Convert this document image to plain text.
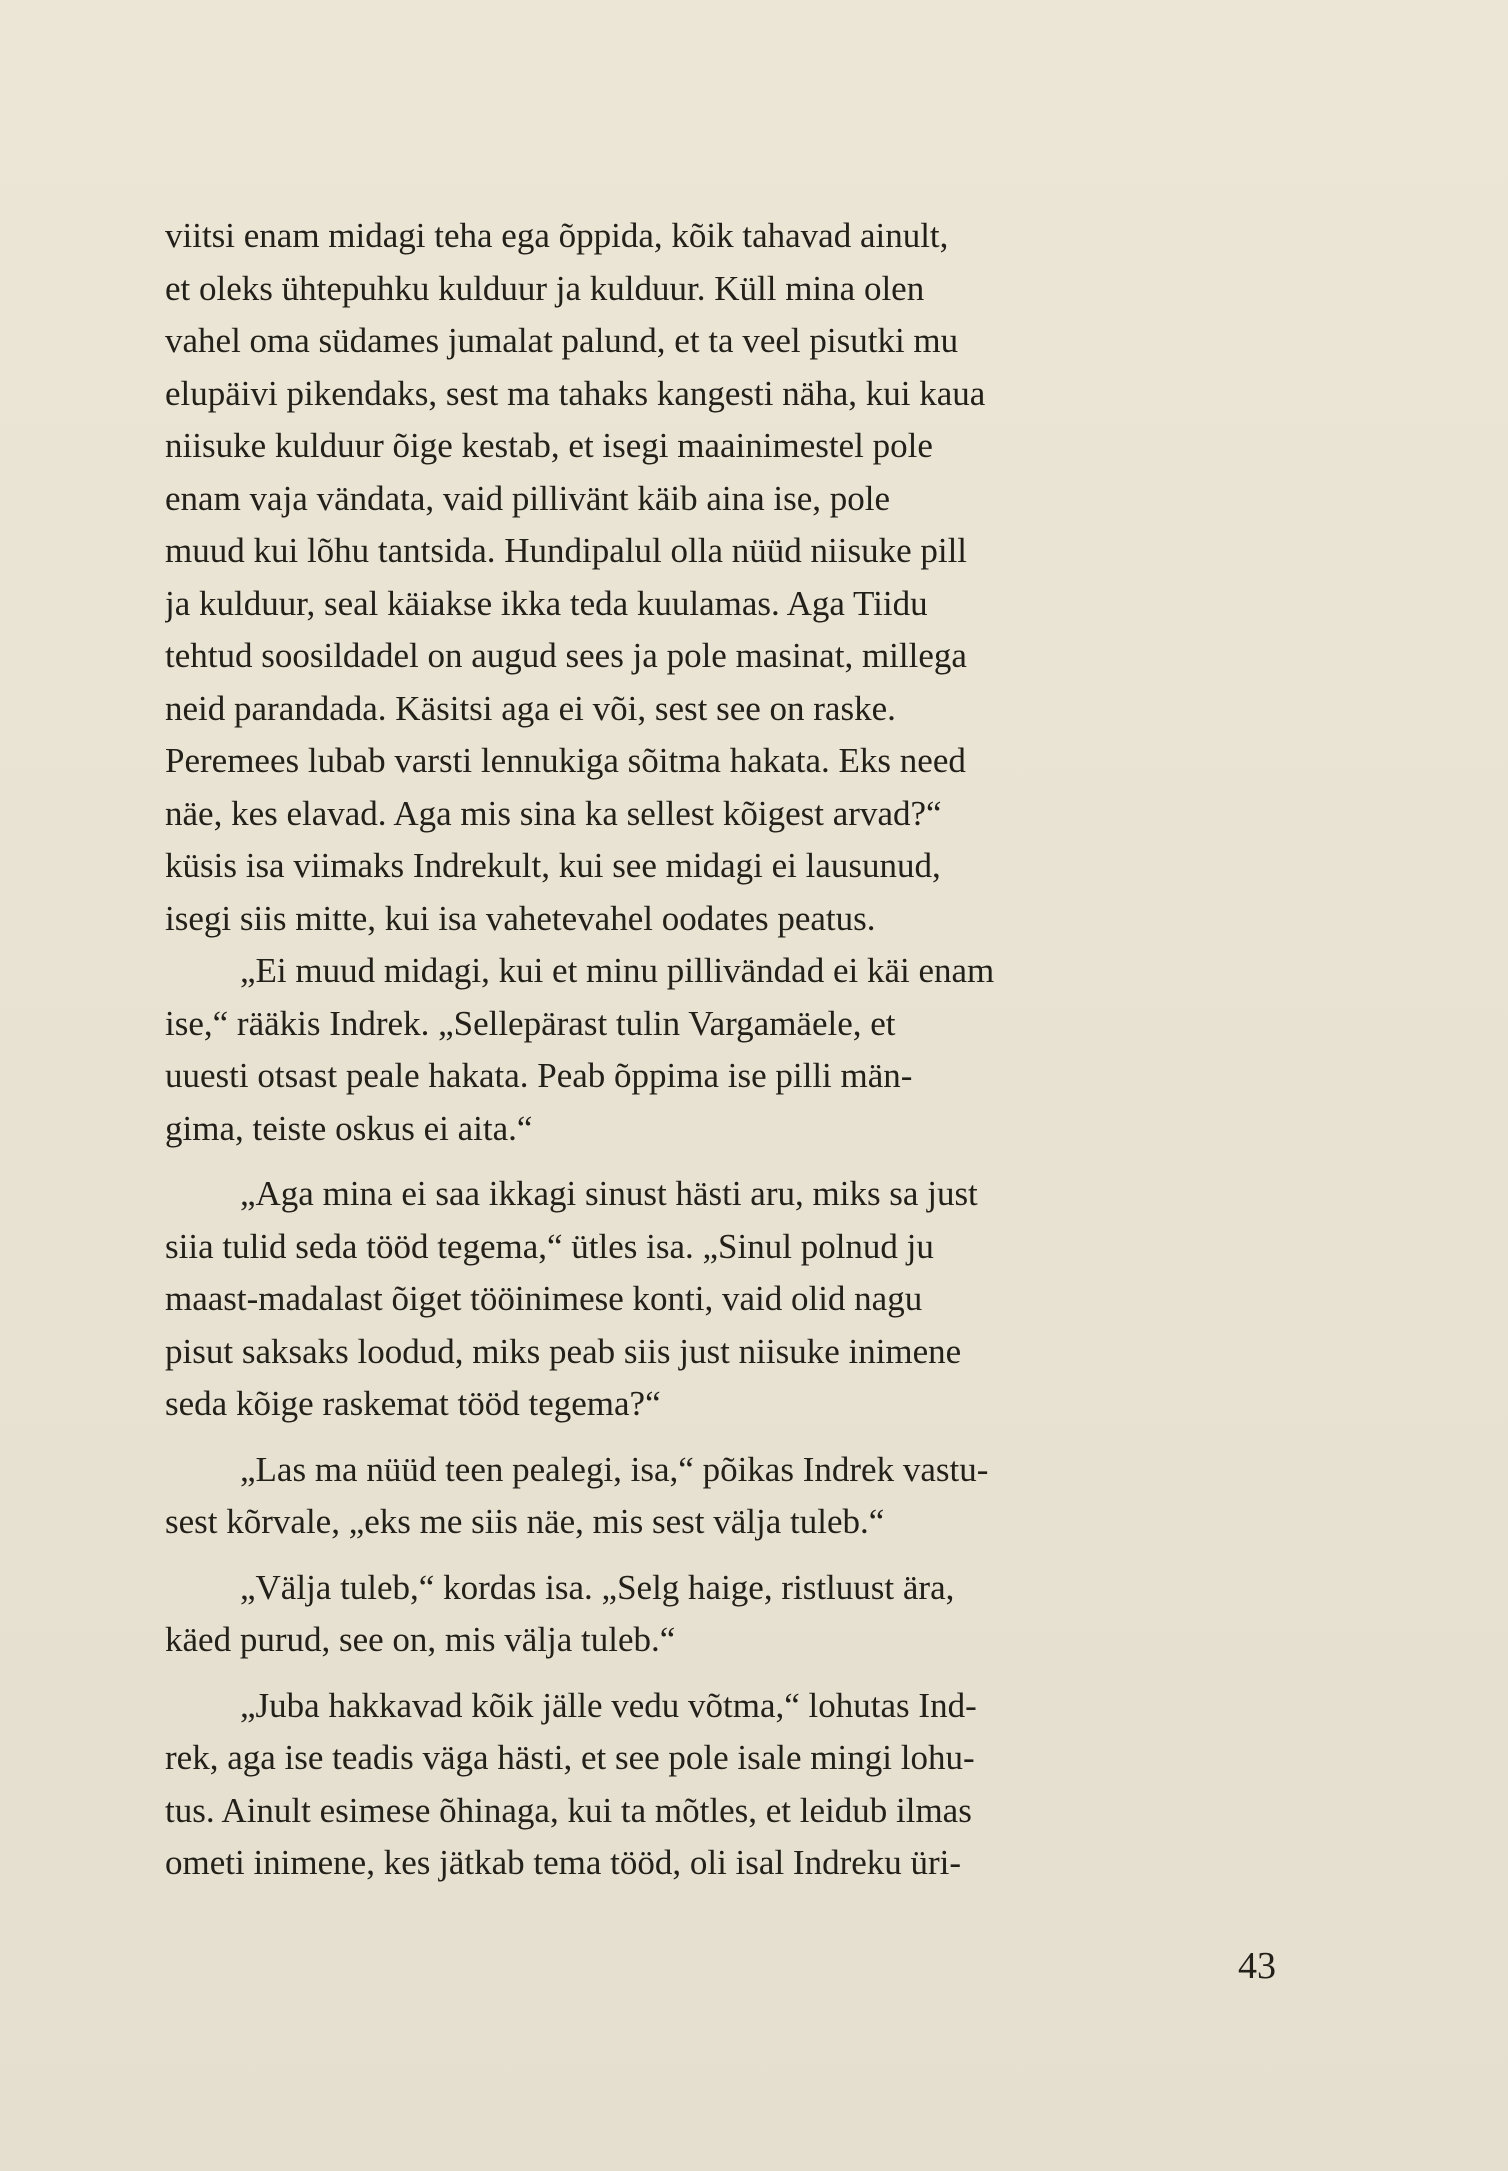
viitsi enam midagi teha ega õppida, kõik tahavad ainult,
et oleks ühtepuhku kulduur ja kulduur. Küll mina olen
vahel oma südames jumalat palund, et ta veel pisutki mu
elupäivi pikendaks, sest ma tahaks kangesti näha, kui kaua
niisuke kulduur õige kestab, et isegi maainimestel pole
enam vaja vändata, vaid pillivänt käib aina ise, pole
muud kui lõhu tantsida. Hundipalul olla nüüd niisuke pill
ja kulduur, seal käiakse ikka teda kuulamas. Aga Tiidu
tehtud soosildadel on augud sees ja pole masinat, millega
neid parandada. Käsitsi aga ei või, sest see on raske.
Peremees lubab varsti lennukiga sõitma hakata. Eks need
näe, kes elavad. Aga mis sina ka sellest kõigest arvad?“
küsis isa viimaks Indrekult, kui see midagi ei lausunud,
isegi siis mitte, kui isa vahetevahel oodates peatus.
„Ei muud midagi, kui et minu pillivändad ei käi enam
ise,“ rääkis Indrek. „Sellepärast tulin Vargamäele, et
uuesti otsast peale hakata. Peab õppima ise pilli män-
gima, teiste oskus ei aita.“
„Aga mina ei saa ikkagi sinust hästi aru, miks sa just
siia tulid seda tööd tegema,“ ütles isa. „Sinul polnud ju
maast-madalast õiget tööinimese konti, vaid olid nagu
pisut saksaks loodud, miks peab siis just niisuke inimene
seda kõige raskemat tööd tegema?“
„Las ma nüüd teen pealegi, isa,“ põikas Indrek vastu-
sest kõrvale, „eks me siis näe, mis sest välja tuleb.“
„Välja tuleb,“ kordas isa. „Selg haige, ristluust ära,
käed purud, see on, mis välja tuleb.“
„Juba hakkavad kõik jälle vedu võtma,“ lohutas Ind-
rek, aga ise teadis väga hästi, et see pole isale mingi lohu-
tus. Ainult esimese õhinaga, kui ta mõtles, et leidub ilmas
ometi inimene, kes jätkab tema tööd, oli isal Indreku üri-
43
